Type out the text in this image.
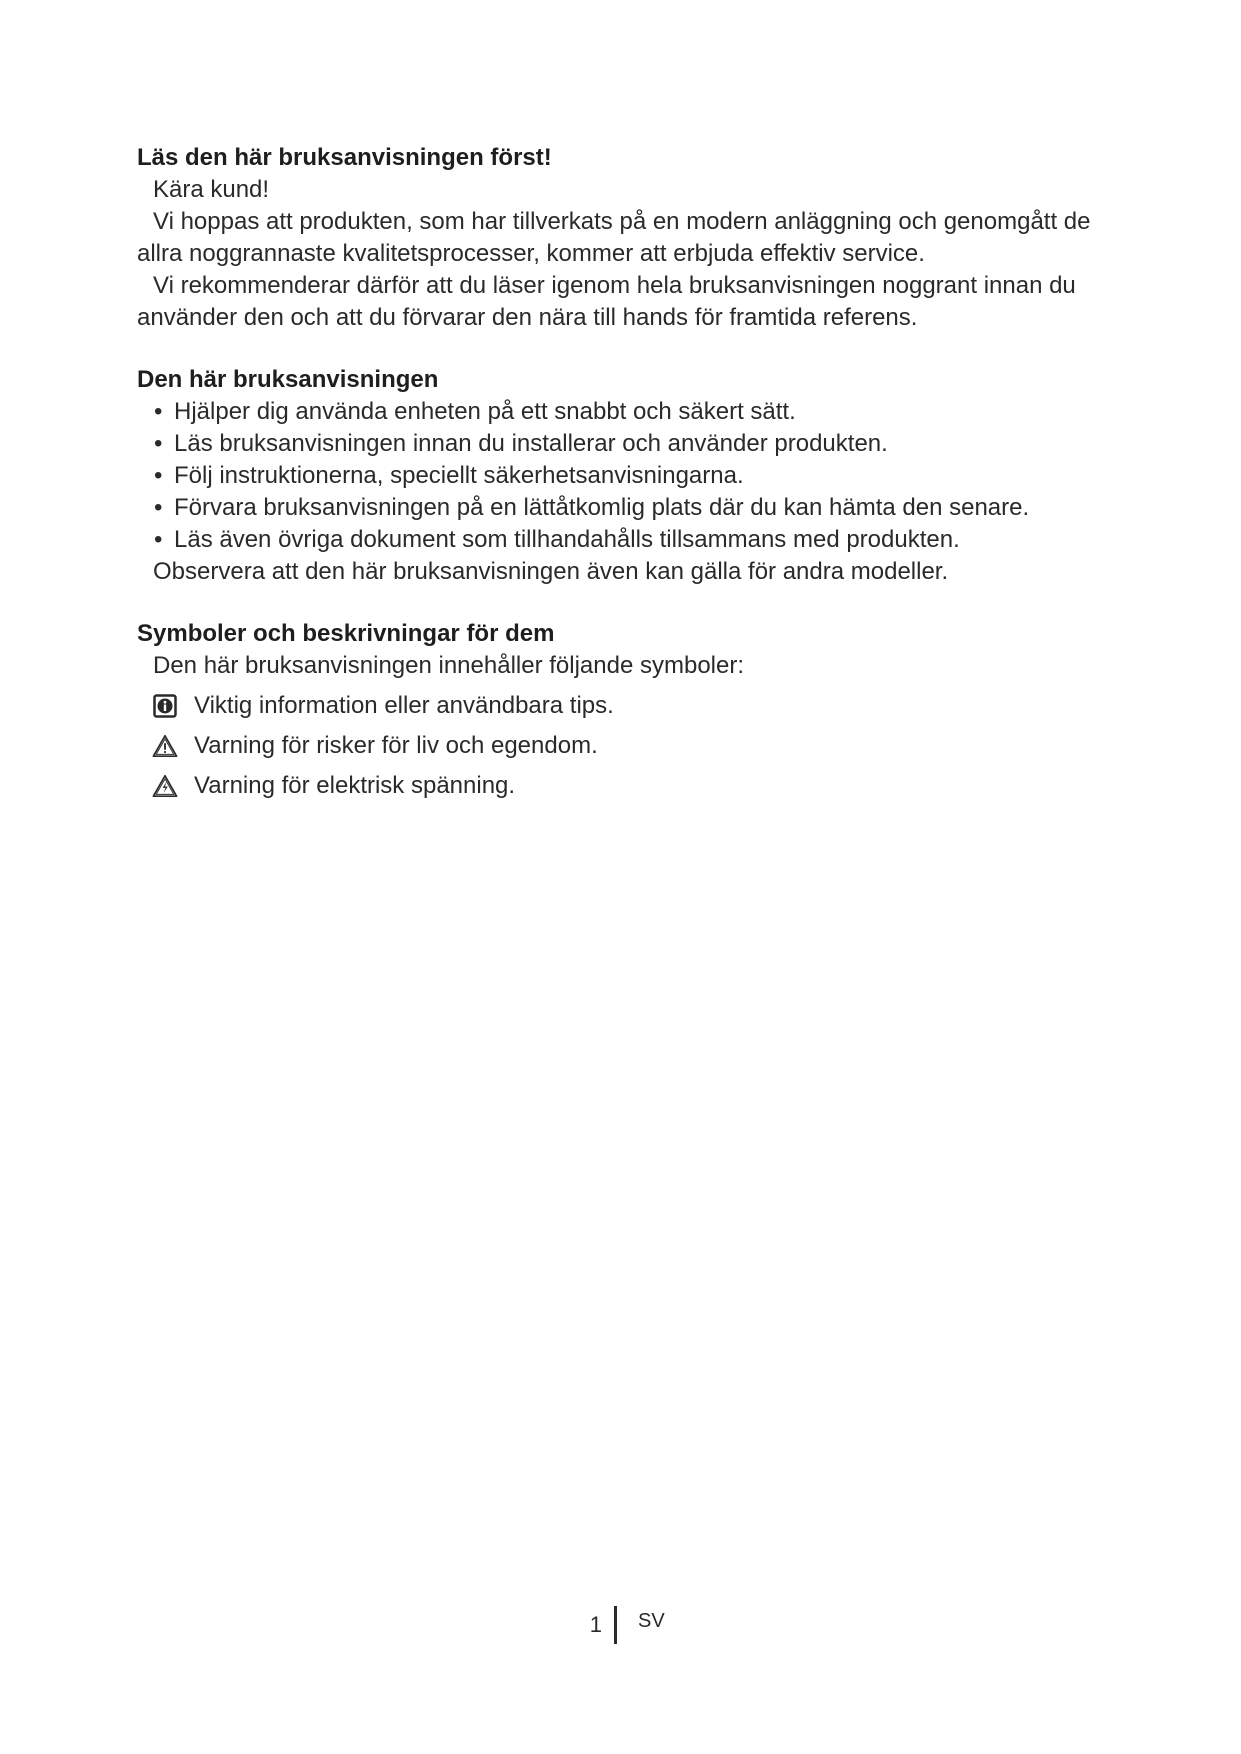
Läs den här bruksanvisningen först!

Kära kund!

Vi hoppas att produkten, som har tillverkats på en modern anläggning och genomgått de allra noggrannaste kvalitetsprocesser, kommer att erbjuda effektiv service.

Vi rekommenderar därför att du läser igenom hela bruksanvisningen noggrant innan du använder den och att du förvarar den nära till hands för framtida referens.

Den här bruksanvisningen

• Hjälper dig använda enheten på ett snabbt och säkert sätt.
• Läs bruksanvisningen innan du installerar och använder produkten.
• Följ instruktionerna, speciellt säkerhetsanvisningarna.
• Förvara bruksanvisningen på en lättåtkomlig plats där du kan hämta den senare.
• Läs även övriga dokument som tillhandahålls tillsammans med produkten.

Observera att den här bruksanvisningen även kan gälla för andra modeller.

Symboler och beskrivningar för dem

Den här bruksanvisningen innehåller följande symboler:

Viktig information eller användbara tips.
Varning för risker för liv och egendom.
Varning för elektrisk spänning.
1 SV
